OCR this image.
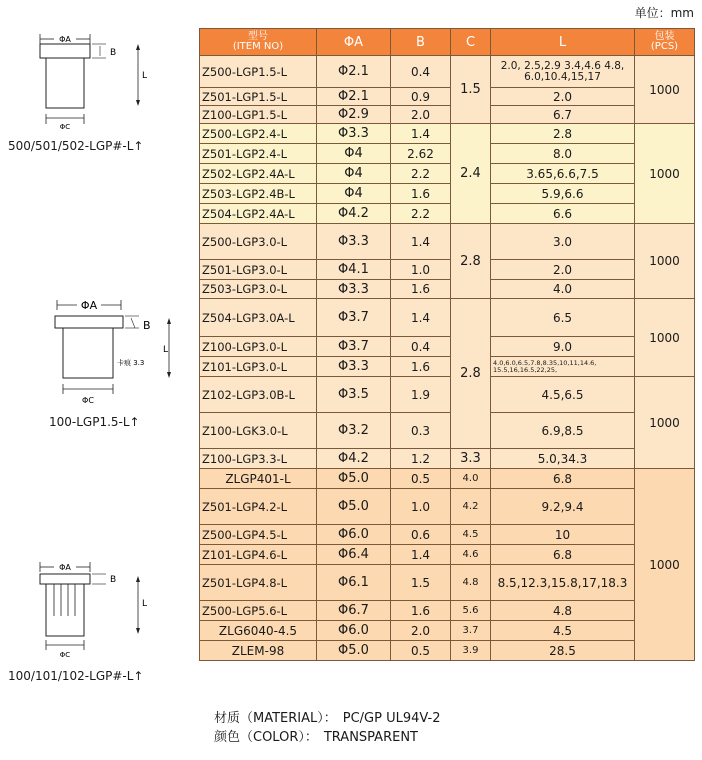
单位：mm
ΦA
B
L
ΦC
500/501/502-LGP#-L↑
ΦA
B
卡痕 3.3
L
ΦC
100-LGP1.5-L↑
ΦA
B
L
ΦC
100/101/102-LGP#-L↑
型号
(ITEM NO)	ΦA	B	C	L	包装
(PCS)

Z500-LGP1.5-L	Φ2.1	0.4	1.5	2.0, 2.5,2.9 3.4,4.6 4.8, 6.0,10.4,15,17	1000
Z501-LGP1.5-L	Φ2.1	0.9		2.0	
Z100-LGP1.5-L	Φ2.9	2.0		6.7	
Z500-LGP2.4-L	Φ3.3	1.4	2.4	2.8	1000
Z501-LGP2.4-L	Φ4	2.62		8.0	
Z502-LGP2.4A-L	Φ4	2.2		3.65,6.6,7.5	
Z503-LGP2.4B-L	Φ4	1.6		5.9,6.6	
Z504-LGP2.4A-L	Φ4.2	2.2		6.6	
Z500-LGP3.0-L	Φ3.3	1.4	2.8	3.0	1000
Z501-LGP3.0-L	Φ4.1	1.0		2.0	
Z503-LGP3.0-L	Φ3.3	1.6		4.0	
Z504-LGP3.0A-L	Φ3.7	1.4	2.8	6.5	1000
Z100-LGP3.0-L	Φ3.7	0.4		9.0	
Z101-LGP3.0-L	Φ3.3	1.6		4.0,6.0,6.5,7.8,8.35,10,11,14.6, 15.5,16,16.5,22,25,	
Z102-LGP3.0B-L	Φ3.5	1.9		4.5,6.5	1000
Z100-LGK3.0-L	Φ3.2	0.3		6.9,8.5	
Z100-LGP3.3-L	Φ4.2	1.2	3.3	5.0,34.3	
ZLGP401-L	Φ5.0	0.5	4.0	6.8	1000
Z501-LGP4.2-L	Φ5.0	1.0	4.2	9.2,9.4	
Z500-LGP4.5-L	Φ6.0	0.6	4.5	10	
Z101-LGP4.6-L	Φ6.4	1.4	4.6	6.8	
Z501-LGP4.8-L	Φ6.1	1.5	4.8	8.5,12.3,15.8,17,18.3	
Z500-LGP5.6-L	Φ6.7	1.6	5.6	4.8	
ZLG6040-4.5	Φ6.0	2.0	3.7	4.5	
ZLEM-98	Φ5.0	0.5	3.9	28.5	
材质（MATERIAL）： PC/GP UL94V-2
颜色（COLOR）： TRANSPARENT
